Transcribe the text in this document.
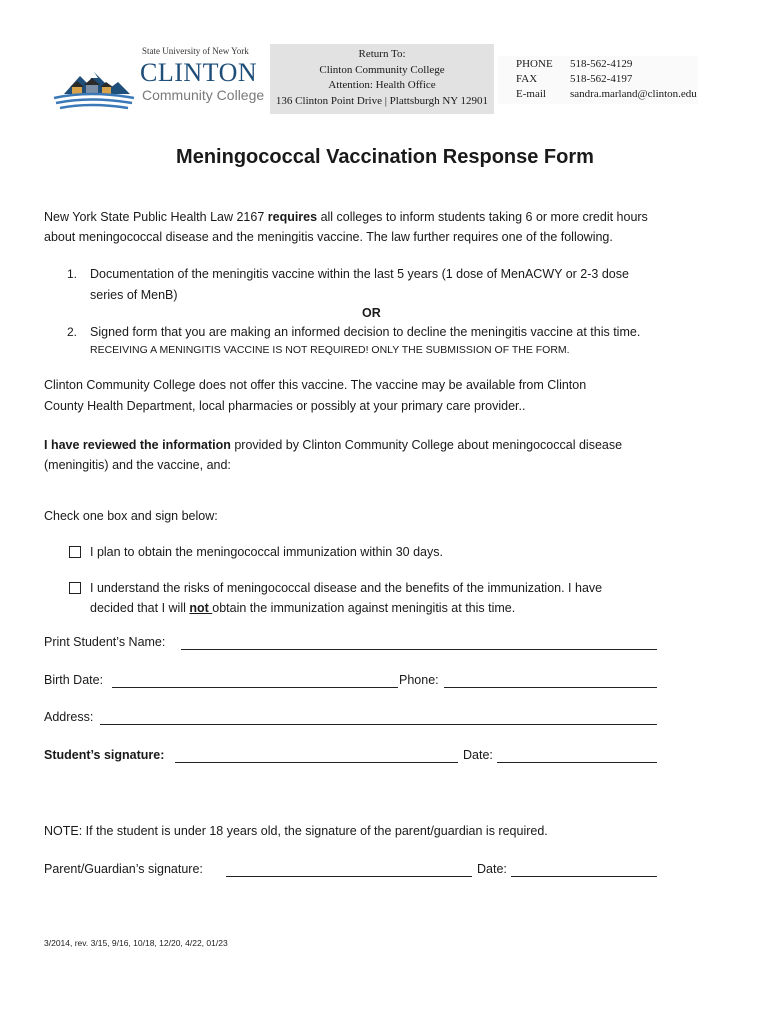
State University of New York
CLINTON
Community College
Return To:
Clinton Community College
Attention: Health Office
136 Clinton Point Drive | Plattsburgh NY 12901
PHONE	518-562-4129
FAX	518-562-4197
E-mail	sandra.marland@clinton.edu
Meningococcal Vaccination Response Form
New York State Public Health Law 2167 requires all colleges to inform students taking 6 or more credit hours
about meningococcal disease and the meningitis vaccine. The law further requires one of the following.
1. Documentation of the meningitis vaccine within the last 5 years (1 dose of MenACWY or 2-3 dose
series of MenB)
OR
2. Signed form that you are making an informed decision to decline the meningitis vaccine at this time.
RECEIVING A MENINGITIS VACCINE IS NOT REQUIRED! ONLY THE SUBMISSION OF THE FORM.
Clinton Community College does not offer this vaccine. The vaccine may be available from Clinton
County Health Department, local pharmacies or possibly at your primary care provider..
I have reviewed the information provided by Clinton Community College about meningococcal disease
(meningitis) and the vaccine, and:
Check one box and sign below:
I plan to obtain the meningococcal immunization within 30 days.
I understand the risks of meningococcal disease and the benefits of the immunization. I have
decided that I will not obtain the immunization against meningitis at this time.
Print Student’s Name:
Birth Date:	Phone:
Address:
Student’s signature:	Date:
NOTE: If the student is under 18 years old, the signature of the parent/guardian is required.
Parent/Guardian’s signature:	Date:
3/2014, rev. 3/15, 9/16, 10/18, 12/20, 4/22, 01/23
